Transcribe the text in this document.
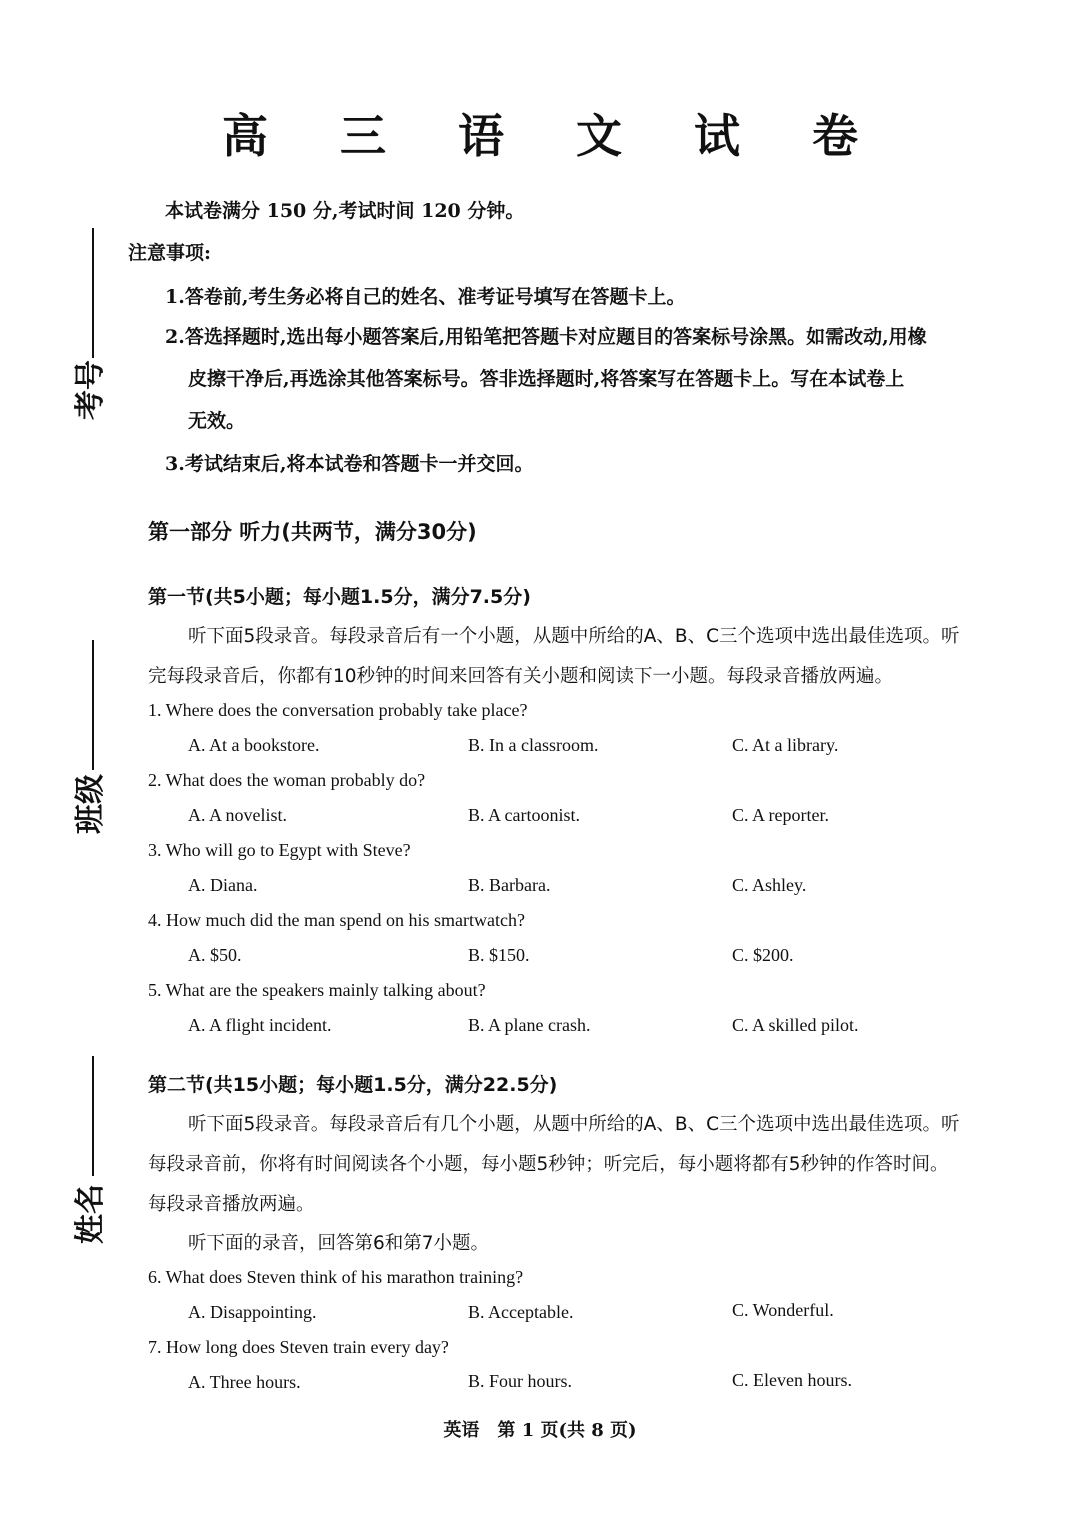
考号
班级
姓名
高 三 语 文 试 卷
本试卷满分 150 分,考试时间 120 分钟。
注意事项:
1.答卷前,考生务必将自己的姓名、准考证号填写在答题卡上。
2.答选择题时,选出每小题答案后,用铅笔把答题卡对应题目的答案标号涂黑。如需改动,用橡
皮擦干净后,再选涂其他答案标号。答非选择题时,将答案写在答题卡上。写在本试卷上
无效。
3.考试结束后,将本试卷和答题卡一并交回。
第一部分 听力(共两节，满分30分)
第一节(共5小题；每小题1.5分，满分7.5分)
听下面5段录音。每段录音后有一个小题，从题中所给的A、B、C三个选项中选出最佳选项。听
完每段录音后，你都有10秒钟的时间来回答有关小题和阅读下一小题。每段录音播放两遍。
1. Where does the conversation probably take place?
A. At a bookstore.	B. In a classroom.	C. At a library.
2. What does the woman probably do?
A. A novelist.	B. A cartoonist.	C. A reporter.
3. Who will go to Egypt with Steve?
A. Diana.	B. Barbara.	C. Ashley.
4. How much did the man spend on his smartwatch?
A. $50.	B. $150.	C. $200.
5. What are the speakers mainly talking about?
A. A flight incident.	B. A plane crash.	C. A skilled pilot.
第二节(共15小题；每小题1.5分，满分22.5分)
听下面5段录音。每段录音后有几个小题，从题中所给的A、B、C三个选项中选出最佳选项。听
每段录音前，你将有时间阅读各个小题，每小题5秒钟；听完后，每小题将都有5秒钟的作答时间。
每段录音播放两遍。
听下面的录音，回答第6和第7小题。
6. What does Steven think of his marathon training?
A. Disappointing.	B. Acceptable.	C. Wonderful.
7. How long does Steven train every day?
A. Three hours.	B. Four hours.	C. Eleven hours.
英语　第 1 页(共 8 页)
